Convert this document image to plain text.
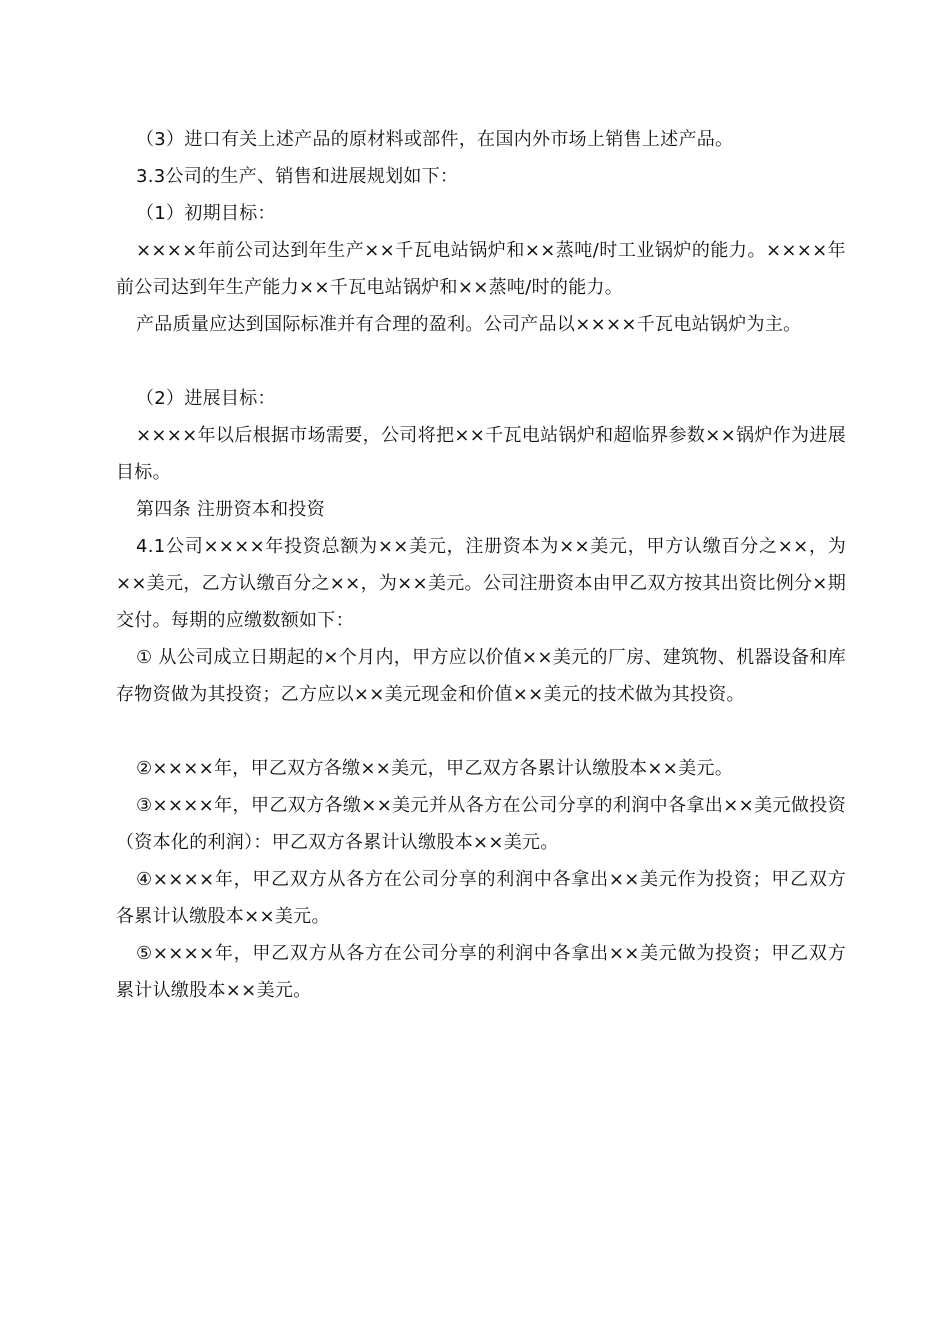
（3）进口有关上述产品的原材料或部件，在国内外市场上销售上述产品。

3.3公司的生产、销售和进展规划如下：

（1）初期目标：

××××年前公司达到年生产××千瓦电站锅炉和××蒸吨/时工业锅炉的能力。××××年前公司达到年生产能力××千瓦电站锅炉和××蒸吨/时的能力。

产品质量应达到国际标准并有合理的盈利。公司产品以××××千瓦电站锅炉为主。

（2）进展目标：

××××年以后根据市场需要，公司将把××千瓦电站锅炉和超临界参数××锅炉作为进展目标。

第四条 注册资本和投资

4.1公司××××年投资总额为××美元，注册资本为××美元，甲方认缴百分之××，为××美元，乙方认缴百分之××，为××美元。公司注册资本由甲乙双方按其出资比例分×期交付。每期的应缴数额如下：

① 从公司成立日期起的×个月内，甲方应以价值××美元的厂房、建筑物、机器设备和库存物资做为其投资；乙方应以××美元现金和价值××美元的技术做为其投资。

②××××年，甲乙双方各缴××美元，甲乙双方各累计认缴股本××美元。

③××××年，甲乙双方各缴××美元并从各方在公司分享的利润中各拿出××美元做投资（资本化的利润）：甲乙双方各累计认缴股本××美元。

④××××年，甲乙双方从各方在公司分享的利润中各拿出××美元作为投资；甲乙双方各累计认缴股本××美元。

⑤××××年，甲乙双方从各方在公司分享的利润中各拿出××美元做为投资；甲乙双方累计认缴股本××美元。
